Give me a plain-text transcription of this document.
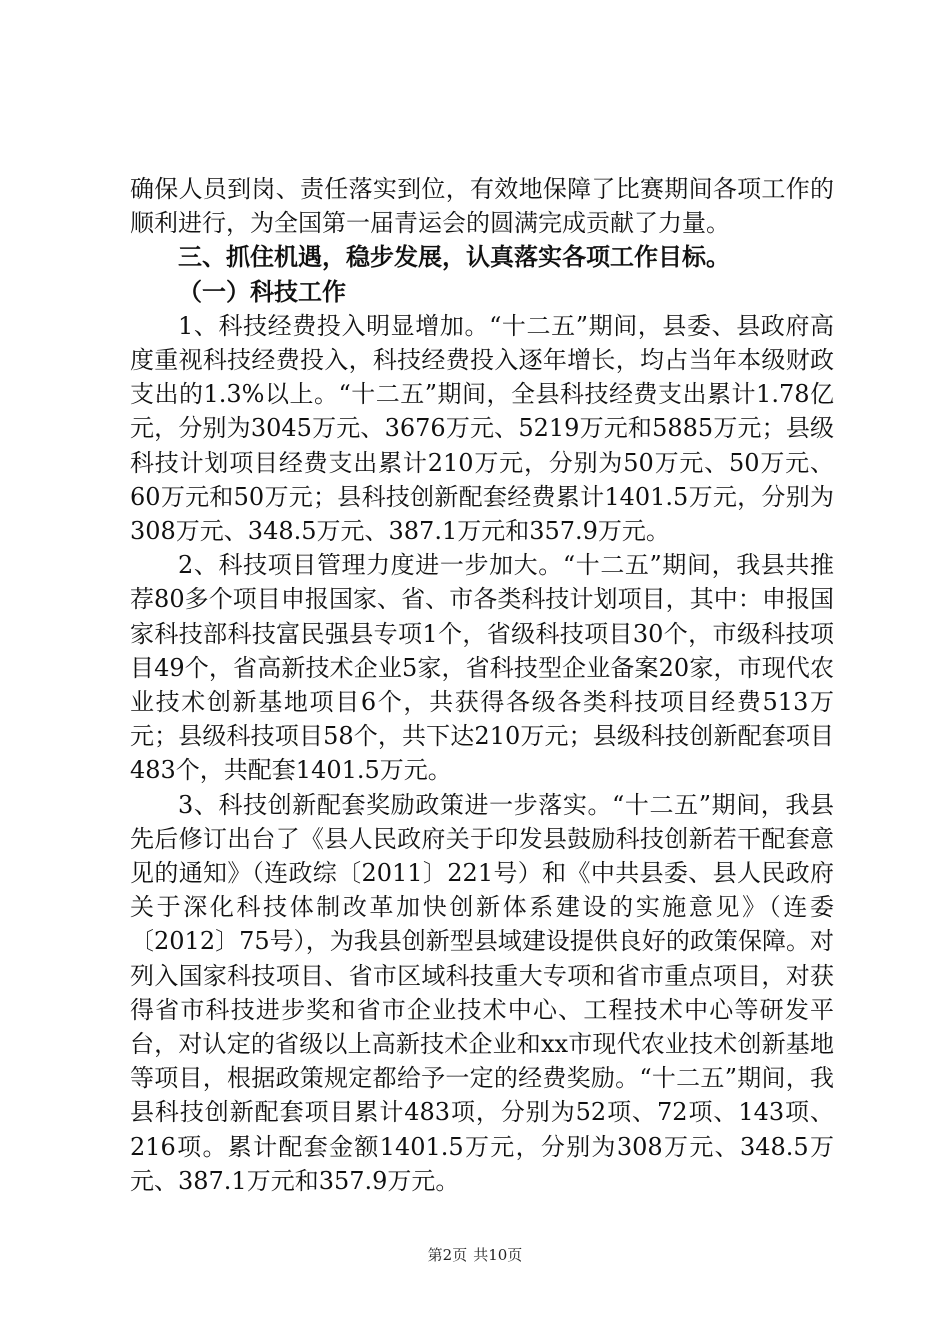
确保人员到岗、责任落实到位，有效地保障了比赛期间各项工作的顺利进行，为全国第一届青运会的圆满完成贡献了力量。

三、抓住机遇，稳步发展，认真落实各项工作目标。

（一）科技工作

1、科技经费投入明显增加。“十二五”期间，县委、县政府高度重视科技经费投入，科技经费投入逐年增长，均占当年本级财政支出的1.3%以上。“十二五”期间，全县科技经费支出累计1.78亿元，分别为3045万元、3676万元、5219万元和5885万元；县级科技计划项目经费支出累计210万元，分别为50万元、50万元、60万元和50万元；县科技创新配套经费累计1401.5万元，分别为308万元、348.5万元、387.1万元和357.9万元。

2、科技项目管理力度进一步加大。“十二五”期间，我县共推荐80多个项目申报国家、省、市各类科技计划项目，其中：申报国家科技部科技富民强县专项1个，省级科技项目30个，市级科技项目49个，省高新技术企业5家，省科技型企业备案20家，市现代农业技术创新基地项目6个，共获得各级各类科技项目经费513万元；县级科技项目58个，共下达210万元；县级科技创新配套项目483个，共配套1401.5万元。

3、科技创新配套奖励政策进一步落实。“十二五”期间，我县先后修订出台了《县人民政府关于印发县鼓励科技创新若干配套意见的通知》（连政综〔2011〕221号）和《中共县委、县人民政府关于深化科技体制改革加快创新体系建设的实施意见》（连委〔2012〕75号），为我县创新型县域建设提供良好的政策保障。对列入国家科技项目、省市区域科技重大专项和省市重点项目，对获得省市科技进步奖和省市企业技术中心、工程技术中心等研发平台，对认定的省级以上高新技术企业和xx市现代农业技术创新基地等项目，根据政策规定都给予一定的经费奖励。“十二五”期间，我县科技创新配套项目累计483项，分别为52项、72项、143项、216项。累计配套金额1401.5万元，分别为308万元、348.5万元、387.1万元和357.9万元。

第2页 共10页
